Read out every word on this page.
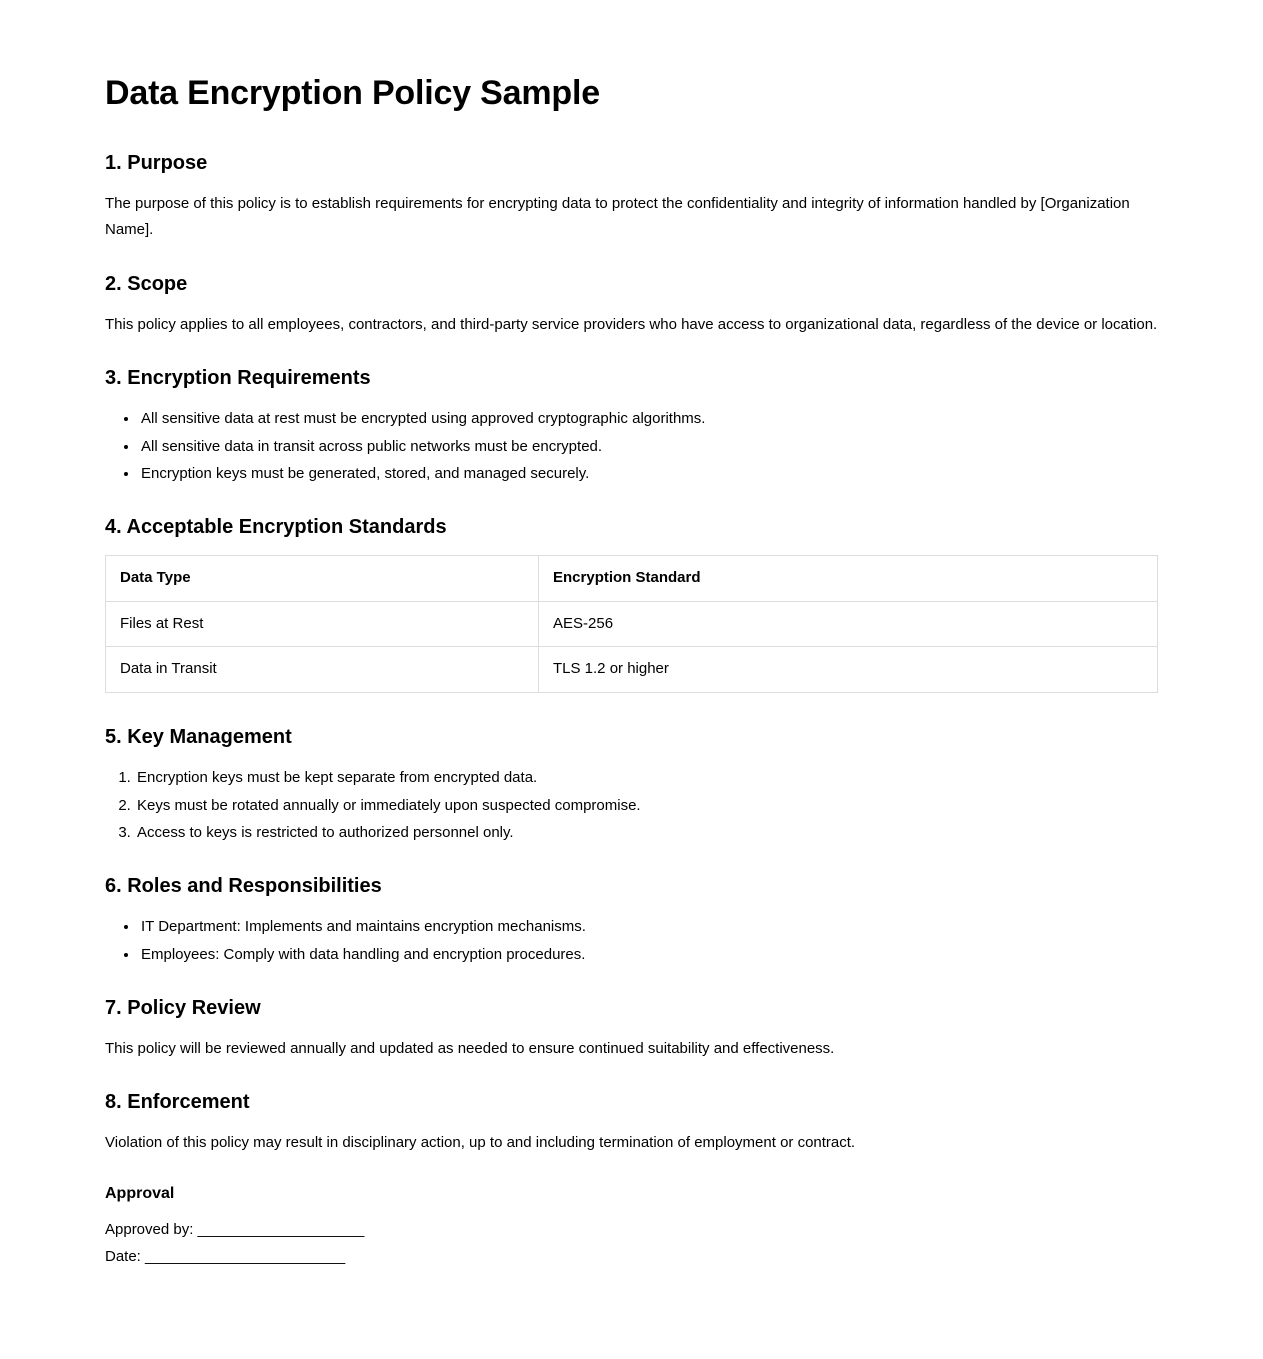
Data Encryption Policy Sample
1. Purpose

The purpose of this policy is to establish requirements for encrypting data to protect the confidentiality and integrity of information handled by [Organization Name].

2. Scope

This policy applies to all employees, contractors, and third-party service providers who have access to organizational data, regardless of the device or location.

3. Encryption Requirements
• All sensitive data at rest must be encrypted using approved cryptographic algorithms.
• All sensitive data in transit across public networks must be encrypted.
• Encryption keys must be generated, stored, and managed securely.
4. Acceptable Encryption Standards
Data Type	Encryption Standard
Files at Rest	AES-256
Data in Transit	TLS 1.2 or higher
5. Key Management
1. Encryption keys must be kept separate from encrypted data.
2. Keys must be rotated annually or immediately upon suspected compromise.
3. Access to keys is restricted to authorized personnel only.
6. Roles and Responsibilities
• IT Department: Implements and maintains encryption mechanisms.
• Employees: Comply with data handling and encryption procedures.
7. Policy Review

This policy will be reviewed annually and updated as needed to ensure continued suitability and effectiveness.

8. Enforcement

Violation of this policy may result in disciplinary action, up to and including termination of employment or contract.

Approval
Approved by: ____________________
Date: ________________________
